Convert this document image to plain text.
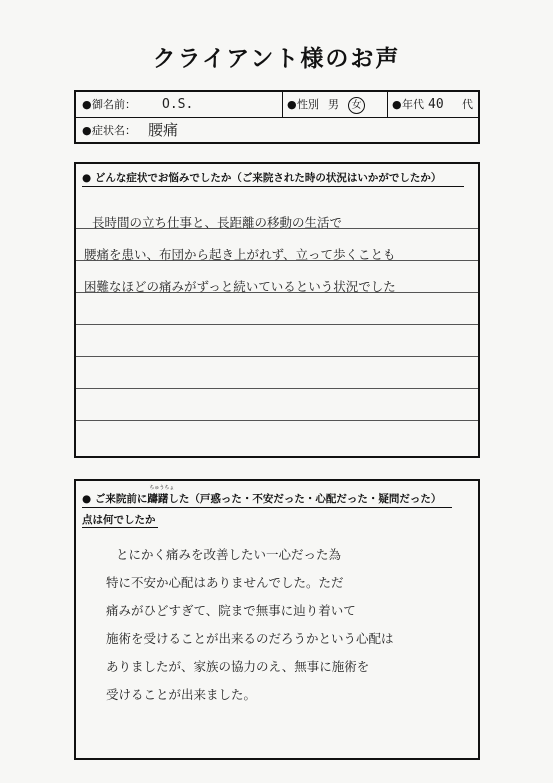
クライアント様のお声
● 御名前： O.S.	● 性別 男	女	● 年代 40 代
● 症状名： 腰痛
● どんな症状でお悩みでしたか（ご来院された時の状況はいかがでしたか）
長時間の立ち仕事と、長距離の移動の生活で
腰痛を患い、布団から起き上がれず、立って歩くことも
困難なほどの痛みがずっと続いているという状況でした
● ご来院前に
ちゅうちょ
躊躇した（戸惑った・不安だった・心配だった・疑問だった）
点は何でしたか
とにかく痛みを改善したい一心だった為
特に不安か心配はありませんでした。ただ
痛みがひどすぎて、院まで無事に辿り着いて
施術を受けることが出来るのだろうかという心配は
ありましたが、家族の協力のえ、無事に施術を
受けることが出来ました。
